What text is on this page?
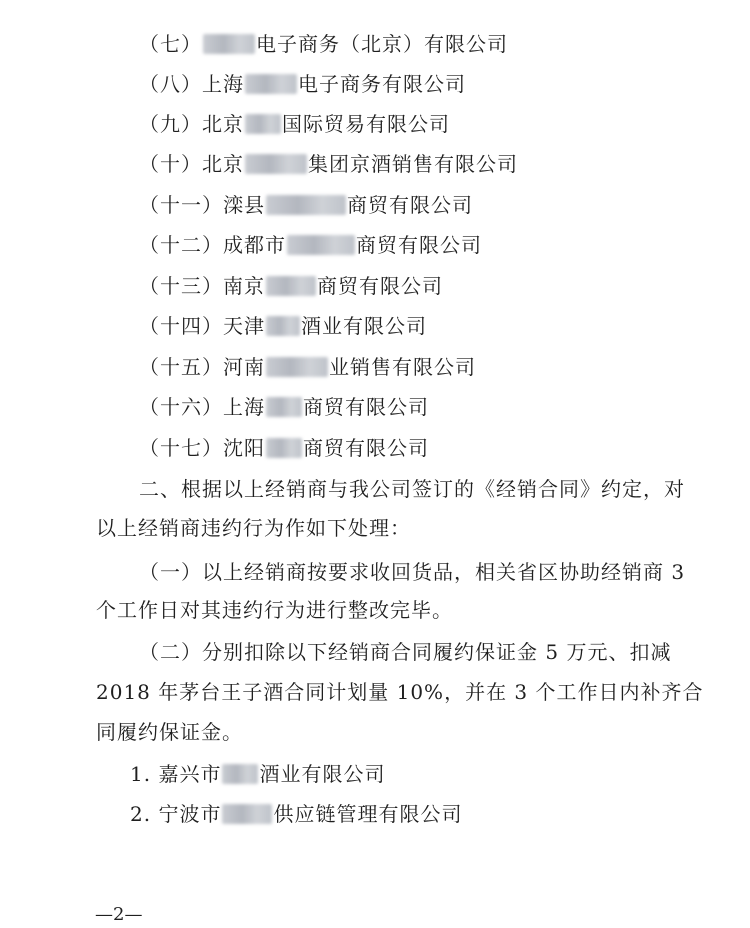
（七）	电子商务（北京）有限公司
（八）上海	电子商务有限公司
（九）北京 国际贸易有限公司
（十）北京	集团京酒销售有限公司
（十一）滦县	商贸有限公司
（十二）成都市	商贸有限公司
（十三）南京	商贸有限公司
（十四）天津 酒业有限公司
（十五）河南	业销售有限公司
（十六）上海 商贸有限公司
（十七）沈阳 商贸有限公司
二、根据以上经销商与我公司签订的《经销合同》约定，对
以上经销商违约行为作如下处理：
（一）以上经销商按要求收回货品，相关省区协助经销商 3
个工作日对其违约行为进行整改完毕。
（二）分别扣除以下经销商合同履约保证金 5 万元、扣减
2018 年茅台王子酒合同计划量 10%，并在 3 个工作日内补齐合
同履约保证金。
1. 嘉兴市 酒业有限公司
2. 宁波市	供应链管理有限公司
—2—
